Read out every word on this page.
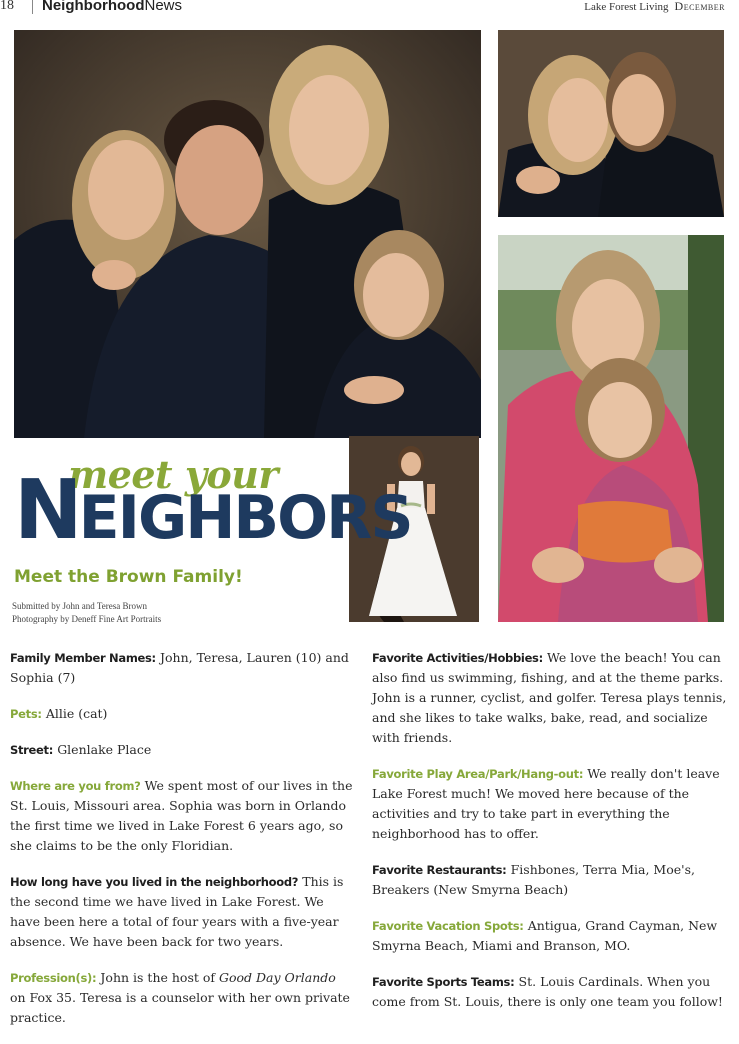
18 NeighborhoodNews	Lake Forest Living December
meet your
NEIGHBORS
Meet the Brown Family!
Submitted by John and Teresa Brown
Photography by Deneff Fine Art Portraits
Family Member Names: John, Teresa, Lauren (10) and Sophia (7)
Pets: Allie (cat)
Street: Glenlake Place
Where are you from? We spent most of our lives in the St. Louis, Missouri area. Sophia was born in Orlando the first time we lived in Lake Forest 6 years ago, so she claims to be the only Floridian.
How long have you lived in the neighborhood? This is the second time we have lived in Lake Forest. We have been here a total of four years with a five-year absence. We have been back for two years.
Profession(s): John is the host of Good Day Orlando on Fox 35. Teresa is a counselor with her own private practice.
Favorite Activities/Hobbies: We love the beach! You can also find us swimming, fishing, and at the theme parks. John is a runner, cyclist, and golfer. Teresa plays tennis, and she likes to take walks, bake, read, and socialize with friends.
Favorite Play Area/Park/Hang-out: We really don't leave Lake Forest much! We moved here because of the activities and try to take part in everything the neighborhood has to offer.
Favorite Restaurants: Fishbones, Terra Mia, Moe's, Breakers (New Smyrna Beach)
Favorite Vacation Spots: Antigua, Grand Cayman, New Smyrna Beach, Miami and Branson, MO.
Favorite Sports Teams: St. Louis Cardinals. When you come from St. Louis, there is only one team you follow!
